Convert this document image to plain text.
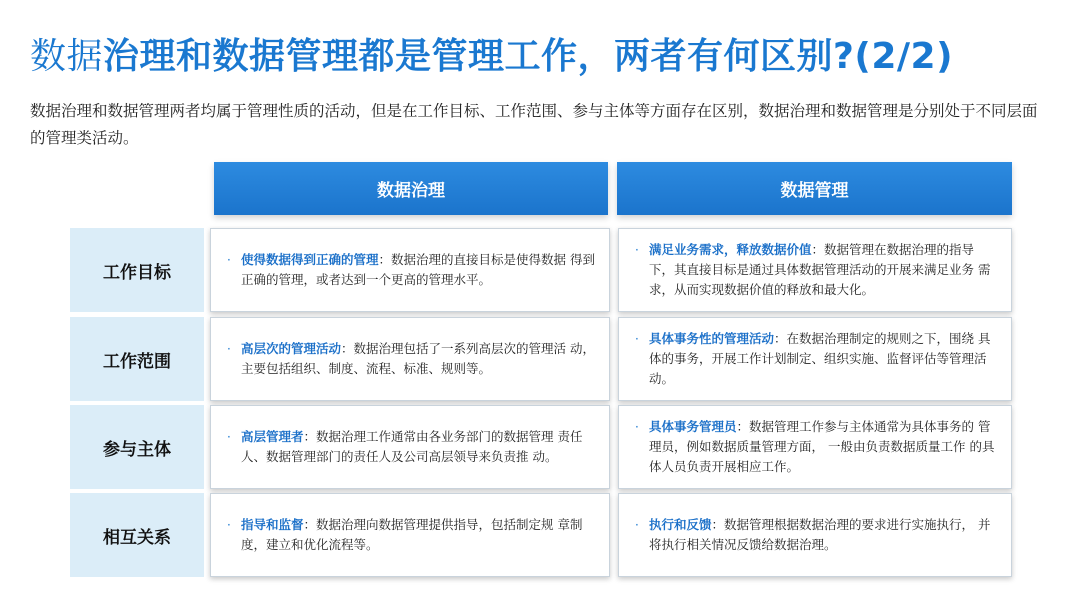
数据治理和数据管理都是管理工作，两者有何区别?(2/2)
数据治理和数据管理两者均属于管理性质的活动，但是在工作目标、工作范围、参与主体等方面存在区别，数据治理和数据管理是分别处于不同层面的管理类活动。
数据治理	数据管理
工作目标
· 使得数据得到正确的管理：数据治理的直接目标是使得数据 得到正确的管理，或者达到一个更高的管理水平。
· 满足业务需求，释放数据价值：数据管理在数据治理的指导 下，其直接目标是通过具体数据管理活动的开展来满足业务 需求，从而实现数据价值的释放和最大化。
工作范围
· 高层次的管理活动：数据治理包括了一系列高层次的管理活 动，主要包括组织、制度、流程、标准、规则等。
· 具体事务性的管理活动：在数据治理制定的规则之下，围绕 具体的事务，开展工作计划制定、组织实施、监督评估等管理活动。
参与主体
· 高层管理者：数据治理工作通常由各业务部门的数据管理 责任人、数据管理部门的责任人及公司高层领导来负责推 动。
· 具体事务管理员：数据管理工作参与主体通常为具体事务的 管理员，例如数据质量管理方面， 一般由负责数据质量工作 的具体人员负责开展相应工作。
相互关系
· 指导和监督：数据治理向数据管理提供指导，包括制定规 章制度，建立和优化流程等。
· 执行和反馈：数据管理根据数据治理的要求进行实施执行， 并将执行相关情况反馈给数据治理。
